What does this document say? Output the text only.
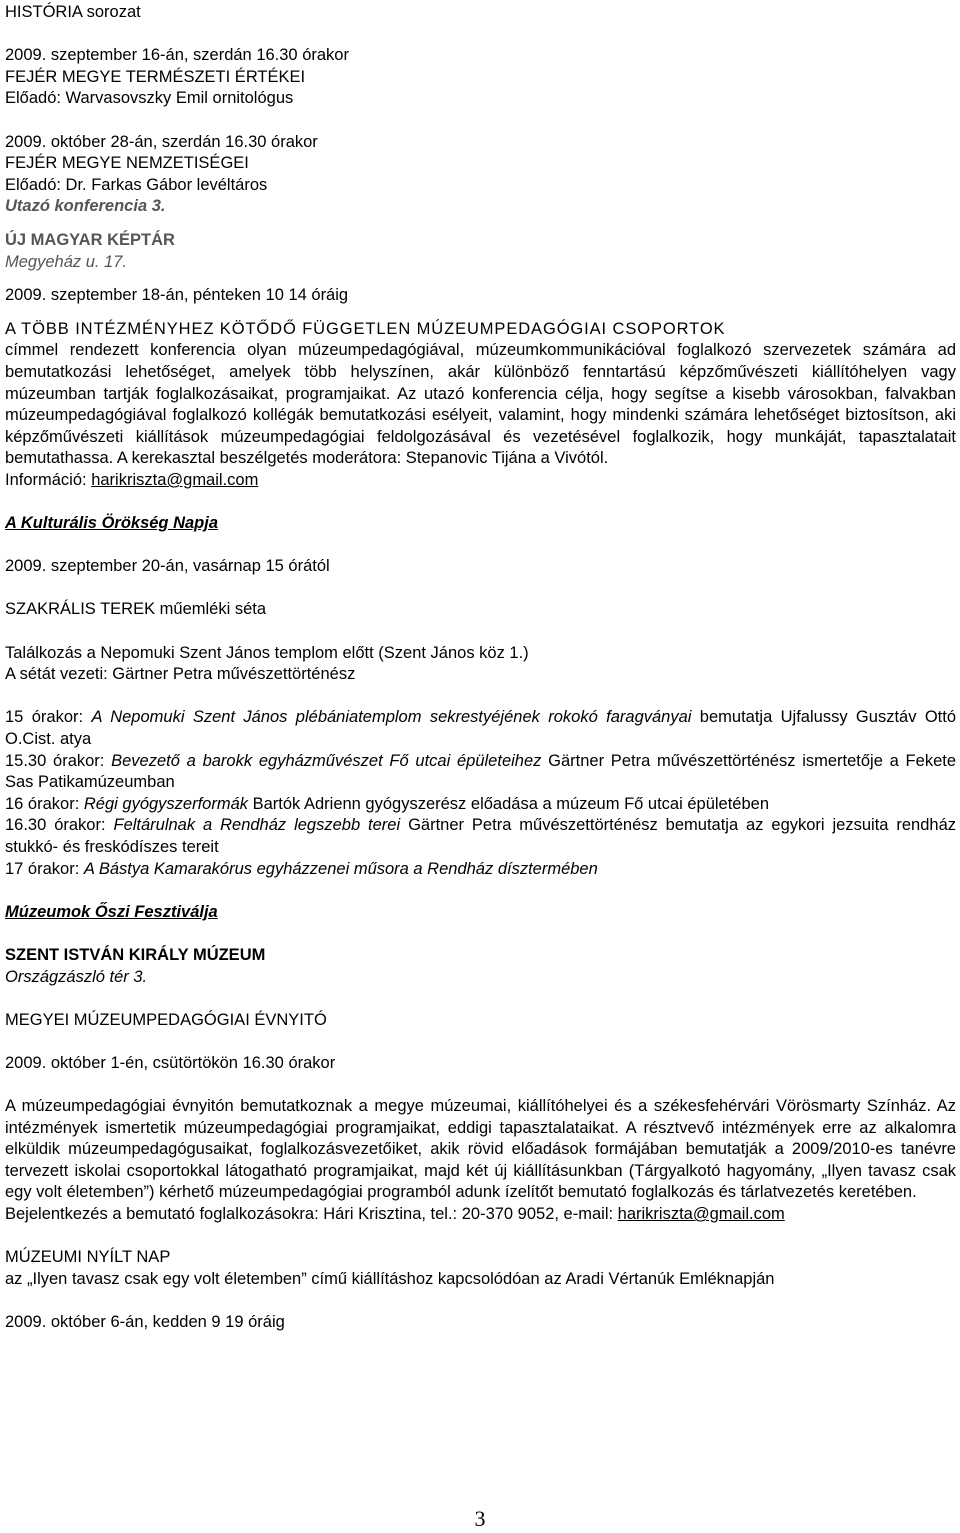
HISTÓRIA sorozat

2009. szeptember 16-án, szerdán 16.30 órakor

FEJÉR MEGYE TERMÉSZETI ÉRTÉKEI

Előadó: Warvasovszky Emil ornitológus

2009. október 28-án, szerdán 16.30 órakor

FEJÉR MEGYE NEMZETISÉGEI

Előadó: Dr. Farkas Gábor levéltáros

Utazó konferencia 3.

ÚJ MAGYAR KÉPTÁR

Megyeház u. 17.

2009. szeptember 18-án, pénteken 10 14 óráig

A TÖBB INTÉZMÉNYHEZ KÖTŐDŐ FÜGGETLEN MÚZEUMPEDAGÓGIAI CSOPORTOK

címmel rendezett konferencia olyan múzeumpedagógiával, múzeumkommunikációval foglalkozó szervezetek számára ad bemutatkozási lehetőséget, amelyek több helyszínen, akár különböző fenntartású képzőművészeti kiállítóhelyen vagy múzeumban tartják foglalkozásaikat, programjaikat. Az utazó konferencia célja, hogy segítse a kisebb városokban, falvakban múzeumpedagógiával foglalkozó kollégák bemutatkozási esélyeit, valamint, hogy mindenki számára lehetőséget biztosítson, aki képzőművészeti kiállítások múzeumpedagógiai feldolgozásával és vezetésével foglalkozik, hogy munkáját, tapasztalatait bemutathassa. A kerekasztal beszélgetés moderátora: Stepanovic Tijána a Vivótól.

Információ: harikriszta@gmail.com

A Kulturális Örökség Napja

2009. szeptember 20-án, vasárnap 15 órától

SZAKRÁLIS TEREK műemléki séta

Találkozás a Nepomuki Szent János templom előtt (Szent János köz 1.)

A sétát vezeti: Gärtner Petra művészettörténész

15 órakor: A Nepomuki Szent János plébániatemplom sekrestyéjének rokokó faragványai bemutatja Ujfalussy Gusztáv Ottó O.Cist. atya

15.30 órakor: Bevezető a barokk egyházművészet Fő utcai épületeihez Gärtner Petra művészettörténész ismertetője a Fekete Sas Patikamúzeumban

16 órakor: Régi gyógyszerformák Bartók Adrienn gyógyszerész előadása a múzeum Fő utcai épületében

16.30 órakor: Feltárulnak a Rendház legszebb terei Gärtner Petra művészettörténész bemutatja az egykori jezsuita rendház stukkó- és freskódíszes tereit

17 órakor: A Bástya Kamarakórus egyházzenei műsora a Rendház dísztermében

Múzeumok Őszi Fesztiválja

SZENT ISTVÁN KIRÁLY MÚZEUM

Országzászló tér 3.

MEGYEI MÚZEUMPEDAGÓGIAI ÉVNYITÓ

2009. október 1-én, csütörtökön 16.30 órakor

A múzeumpedagógiai évnyitón bemutatkoznak a megye múzeumai, kiállítóhelyei és a székesfehérvári Vörösmarty Színház. Az intézmények ismertetik múzeumpedagógiai programjaikat, eddigi tapasztalataikat. A résztvevő intézmények erre az alkalomra elküldik múzeumpedagógusaikat, foglalkozásvezetőiket, akik rövid előadások formájában bemutatják a 2009/2010-es tanévre tervezett iskolai csoportokkal látogatható programjaikat, majd két új kiállításunkban (Tárgyalkotó hagyomány, „Ilyen tavasz csak egy volt életemben”) kérhető múzeumpedagógiai programból adunk ízelítőt bemutató foglalkozás és tárlatvezetés keretében.

Bejelentkezés a bemutató foglalkozásokra: Hári Krisztina, tel.: 20-370 9052, e-mail: harikriszta@gmail.com

MÚZEUMI NYÍLT NAP

az „Ilyen tavasz csak egy volt életemben” című kiállításhoz kapcsolódóan az Aradi Vértanúk Emléknapján

2009. október 6-án, kedden 9 19 óráig

3
